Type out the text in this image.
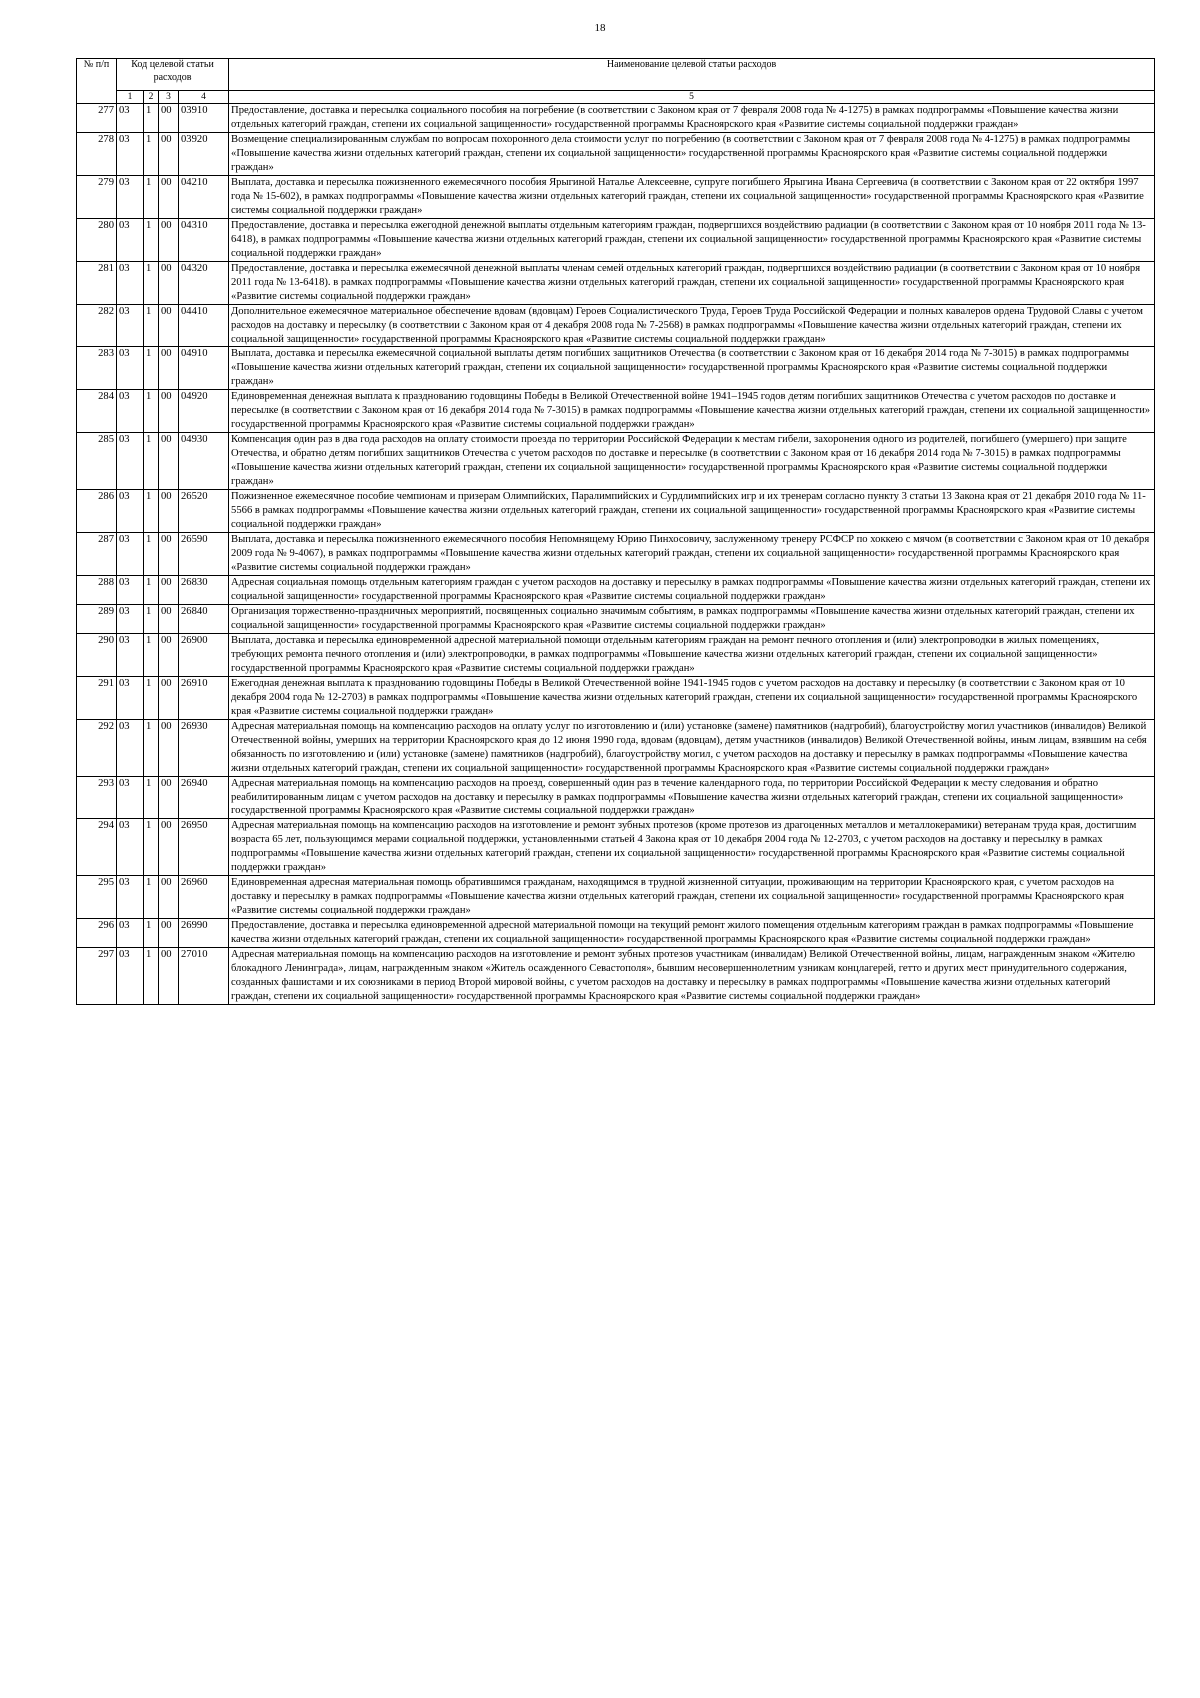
18
№ п/п	Код целевой статьи расходов				Наименование целевой статьи расходов
	1	2	3	4	5
277	03	1	00	03910	Предоставление, доставка и пересылка социального пособия на погребение (в соответствии с Законом края от 7 февраля 2008 года № 4-1275) в рамках подпрограммы «Повышение качества жизни отдельных категорий граждан, степени их социальной защищенности» государственной программы Красноярского края «Развитие системы социальной поддержки граждан»
278	03	1	00	03920	Возмещение специализированным службам по вопросам похоронного дела стоимости услуг по погребению (в соответствии с Законом края от 7 февраля 2008 года № 4-1275) в рамках подпрограммы «Повышение качества жизни отдельных категорий граждан, степени их социальной защищенности» государственной программы Красноярского края «Развитие системы социальной поддержки граждан»
279	03	1	00	04210	Выплата, доставка и пересылка пожизненного ежемесячного пособия Ярыгиной Наталье Алексеевне, супруге погибшего Ярыгина Ивана Сергеевича (в соответствии с Законом края от 22 октября 1997 года № 15-602), в рамках подпрограммы «Повышение качества жизни отдельных категорий граждан, степени их социальной защищенности» государственной программы Красноярского края «Развитие системы социальной поддержки граждан»
280	03	1	00	04310	Предоставление, доставка и пересылка ежегодной денежной выплаты отдельным категориям граждан, подвергшихся воздействию радиации (в соответствии с Законом края от 10 ноября 2011 года № 13-6418), в рамках подпрограммы «Повышение качества жизни отдельных категорий граждан, степени их социальной защищенности» государственной программы Красноярского края «Развитие системы социальной поддержки граждан»
281	03	1	00	04320	Предоставление, доставка и пересылка ежемесячной денежной выплаты членам семей отдельных категорий граждан, подвергшихся воздействию радиации (в соответствии с Законом края от 10 ноября 2011 года № 13-6418). в рамках подпрограммы «Повышение качества жизни отдельных категорий граждан, степени их социальной защищенности» государственной программы Красноярского края «Развитие системы социальной поддержки граждан»
282	03	1	00	04410	Дополнительное ежемесячное материальное обеспечение вдовам (вдовцам) Героев Социалистического Труда, Героев Труда Российской Федерации и полных кавалеров ордена Трудовой Славы с учетом расходов на доставку и пересылку (в соответствии с Законом края от 4 декабря 2008 года № 7-2568) в рамках подпрограммы «Повышение качества жизни отдельных категорий граждан, степени их социальной защищенности» государственной программы Красноярского края «Развитие системы социальной поддержки граждан»
283	03	1	00	04910	Выплата, доставка и пересылка ежемесячной социальной выплаты детям погибших защитников Отечества (в соответствии с Законом края от 16 декабря 2014 года № 7-3015) в рамках подпрограммы «Повышение качества жизни отдельных категорий граждан, степени их социальной защищенности» государственной программы Красноярского края «Развитие системы социальной поддержки граждан»
284	03	1	00	04920	Единовременная денежная выплата к празднованию годовщины Победы в Великой Отечественной войне 1941–1945 годов детям погибших защитников Отечества с учетом расходов по доставке и пересылке (в соответствии с Законом края от 16 декабря 2014 года № 7-3015) в рамках подпрограммы «Повышение качества жизни отдельных категорий граждан, степени их социальной защищенности» государственной программы Красноярского края «Развитие системы социальной поддержки граждан»
285	03	1	00	04930	Компенсация один раз в два года расходов на оплату стоимости проезда по территории Российской Федерации к местам гибели, захоронения одного из родителей, погибшего (умершего) при защите Отечества, и обратно детям погибших защитников Отечества с учетом расходов по доставке и пересылке (в соответствии с Законом края от 16 декабря 2014 года № 7-3015) в рамках подпрограммы «Повышение качества жизни отдельных категорий граждан, степени их социальной защищенности» государственной программы Красноярского края «Развитие системы социальной поддержки граждан»
286	03	1	00	26520	Пожизненное ежемесячное пособие чемпионам и призерам Олимпийских, Паралимпийских и Сурдлимпийских игр и их тренерам согласно пункту 3 статьи 13 Закона края от 21 декабря 2010 года № 11-5566 в рамках подпрограммы «Повышение качества жизни отдельных категорий граждан, степени их социальной защищенности» государственной программы Красноярского края «Развитие системы социальной поддержки граждан»
287	03	1	00	26590	Выплата, доставка и пересылка пожизненного ежемесячного пособия Непомнящему Юрию Пинхосовичу, заслуженному тренеру РСФСР по хоккею с мячом (в соответствии с Законом края от 10 декабря 2009 года № 9-4067), в рамках подпрограммы «Повышение качества жизни отдельных категорий граждан, степени их социальной защищенности» государственной программы Красноярского края «Развитие системы социальной поддержки граждан»
288	03	1	00	26830	Адресная социальная помощь отдельным категориям граждан с учетом расходов на доставку и пересылку в рамках подпрограммы «Повышение качества жизни отдельных категорий граждан, степени их социальной защищенности» государственной программы Красноярского края «Развитие системы социальной поддержки граждан»
289	03	1	00	26840	Организация торжественно-праздничных мероприятий, посвященных социально значимым событиям, в рамках подпрограммы «Повышение качества жизни отдельных категорий граждан, степени их социальной защищенности» государственной программы Красноярского края «Развитие системы социальной поддержки граждан»
290	03	1	00	26900	Выплата, доставка и пересылка единовременной адресной материальной помощи отдельным категориям граждан на ремонт печного отопления и (или) электропроводки в жилых помещениях, требующих ремонта печного отопления и (или) электропроводки, в рамках подпрограммы «Повышение качества жизни отдельных категорий граждан, степени их социальной защищенности» государственной программы Красноярского края «Развитие системы социальной поддержки граждан»
291	03	1	00	26910	Ежегодная денежная выплата к празднованию годовщины Победы в Великой Отечественной войне 1941-1945 годов с учетом расходов на доставку и пересылку (в соответствии с Законом края от 10 декабря 2004 года № 12-2703) в рамках подпрограммы «Повышение качества жизни отдельных категорий граждан, степени их социальной защищенности» государственной программы Красноярского края «Развитие системы социальной поддержки граждан»
292	03	1	00	26930	Адресная материальная помощь на компенсацию расходов на оплату услуг по изготовлению и (или) установке (замене) памятников (надгробий), благоустройству могил участников (инвалидов) Великой Отечественной войны, умерших на территории Красноярского края до 12 июня 1990 года, вдовам (вдовцам), детям участников (инвалидов) Великой Отечественной войны, иным лицам, взявшим на себя обязанность по изготовлению и (или) установке (замене) памятников (надгробий), благоустройству могил, с учетом расходов на доставку и пересылку в рамках подпрограммы «Повышение качества жизни отдельных категорий граждан, степени их социальной защищенности» государственной программы Красноярского края «Развитие системы социальной поддержки граждан»
293	03	1	00	26940	Адресная материальная помощь на компенсацию расходов на проезд, совершенный один раз в течение календарного года, по территории Российской Федерации к месту следования и обратно реабилитированным лицам с учетом расходов на доставку и пересылку в рамках подпрограммы «Повышение качества жизни отдельных категорий граждан, степени их социальной защищенности» государственной программы Красноярского края «Развитие системы социальной поддержки граждан»
294	03	1	00	26950	Адресная материальная помощь на компенсацию расходов на изготовление и ремонт зубных протезов (кроме протезов из драгоценных металлов и металлокерамики) ветеранам труда края, достигшим возраста 65 лет, пользующимся мерами социальной поддержки, установленными статьей 4 Закона края от 10 декабря 2004 года № 12-2703, с учетом расходов на доставку и пересылку в рамках подпрограммы «Повышение качества жизни отдельных категорий граждан, степени их социальной защищенности» государственной программы Красноярского края «Развитие системы социальной поддержки граждан»
295	03	1	00	26960	Единовременная адресная материальная помощь обратившимся гражданам, находящимся в трудной жизненной ситуации, проживающим на территории Красноярского края, с учетом расходов на доставку и пересылку в рамках подпрограммы «Повышение качества жизни отдельных категорий граждан, степени их социальной защищенности» государственной программы Красноярского края «Развитие системы социальной поддержки граждан»
296	03	1	00	26990	Предоставление, доставка и пересылка единовременной адресной материальной помощи на текущий ремонт жилого помещения отдельным категориям граждан в рамках подпрограммы «Повышение качества жизни отдельных категорий граждан, степени их социальной защищенности» государственной программы Красноярского края «Развитие системы социальной поддержки граждан»
297	03	1	00	27010	Адресная материальная помощь на компенсацию расходов на изготовление и ремонт зубных протезов участникам (инвалидам) Великой Отечественной войны, лицам, награжденным знаком «Жителю блокадного Ленинграда», лицам, награжденным знаком «Житель осажденного Севастополя», бывшим несовершеннолетним узникам концлагерей, гетто и других мест принудительного содержания, созданных фашистами и их союзниками в период Второй мировой войны, с учетом расходов на доставку и пересылку в рамках подпрограммы «Повышение качества жизни отдельных категорий граждан, степени их социальной защищенности» государственной программы Красноярского края «Развитие системы социальной поддержки граждан»
